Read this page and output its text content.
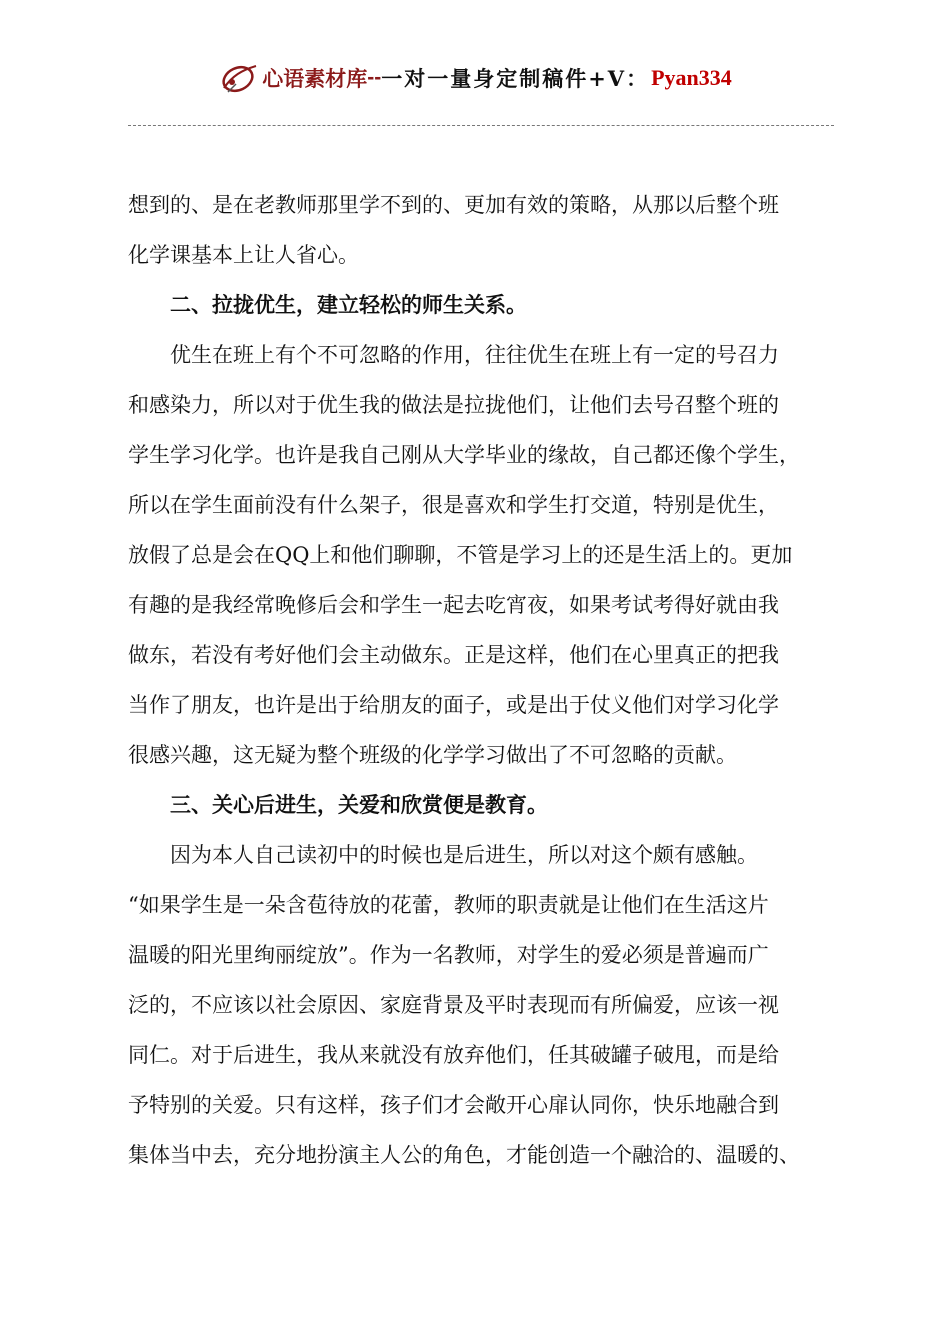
心语素材库 -- 一对一量身定制稿件+V： Pyan334
想到的、是在老教师那里学不到的、更加有效的策略，从那以后整个班
化学课基本上让人省心。
二、拉拢优生，建立轻松的师生关系。
优生在班上有个不可忽略的作用，往往优生在班上有一定的号召力
和感染力，所以对于优生我的做法是拉拢他们，让他们去号召整个班的
学生学习化学。也许是我自己刚从大学毕业的缘故，自己都还像个学生，
所以在学生面前没有什么架子，很是喜欢和学生打交道，特别是优生，
放假了总是会在QQ上和他们聊聊，不管是学习上的还是生活上的。更加
有趣的是我经常晚修后会和学生一起去吃宵夜，如果考试考得好就由我
做东，若没有考好他们会主动做东。正是这样，他们在心里真正的把我
当作了朋友，也许是出于给朋友的面子，或是出于仗义他们对学习化学
很感兴趣，这无疑为整个班级的化学学习做出了不可忽略的贡献。
三、关心后进生，关爱和欣赏便是教育。
因为本人自己读初中的时候也是后进生，所以对这个颇有感触。
“如果学生是一朵含苞待放的花蕾，教师的职责就是让他们在生活这片
温暖的阳光里绚丽绽放”。作为一名教师，对学生的爱必须是普遍而广
泛的，不应该以社会原因、家庭背景及平时表现而有所偏爱，应该一视
同仁。对于后进生，我从来就没有放弃他们，任其破罐子破甩，而是给
予特别的关爱。只有这样，孩子们才会敞开心扉认同你，快乐地融合到
集体当中去，充分地扮演主人公的角色，才能创造一个融洽的、温暖的、
